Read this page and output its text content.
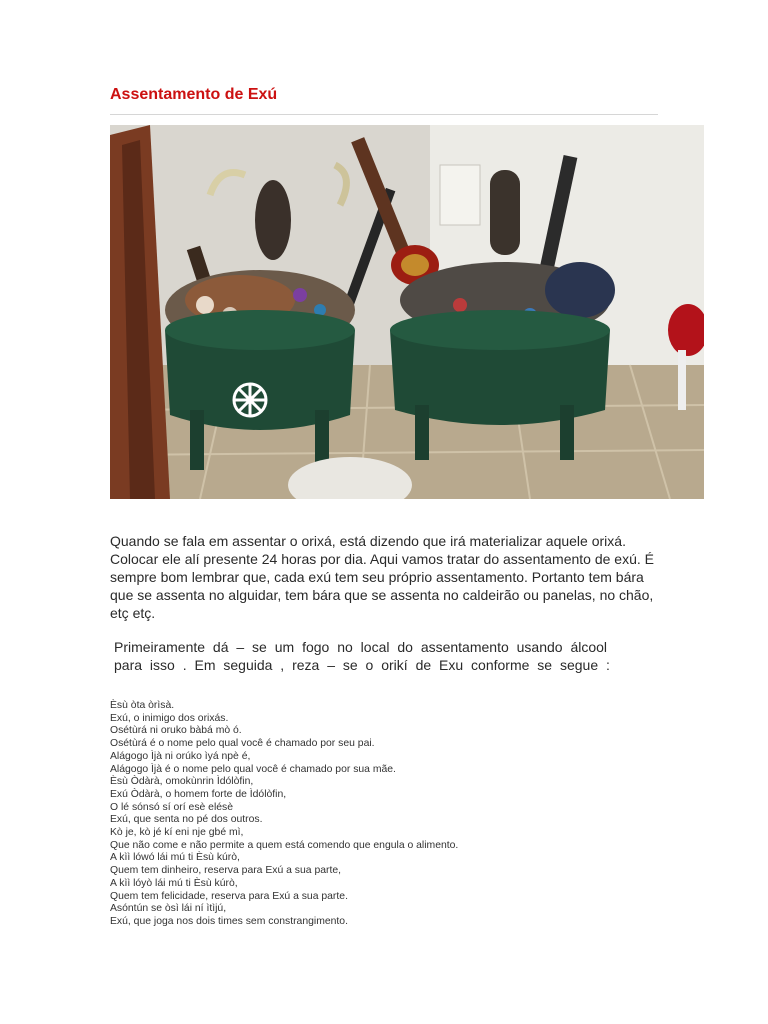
Assentamento de Exú

Quando se fala em assentar o orixá, está dizendo que irá materializar aquele orixá. Colocar ele alí presente 24 horas por dia. Aqui vamos tratar do assentamento de exú. É sempre bom lembrar que, cada exú tem seu próprio assentamento. Portanto tem bára que se assenta no alguidar, tem bára que se assenta no caldeirão ou panelas, no chão, etç etç.

Primeiramente dá – se um fogo no local do assentamento usando álcool para isso . Em seguida , reza – se o orikí de Exu conforme se segue :

Èsù òta òrìsà.
Exú, o inimigo dos orixás.
Osétùrá ni oruko bàbá mò ó.
Osétùrá é o nome pelo qual você é chamado por seu pai.
Alágogo Ìjà ni orúko ìyá npè é,
Alágogo Ìjà é o nome pelo qual você é chamado por sua mãe.
Èsù Òdàrà, omokùnrin Ìdólòfin,
Exú Òdàrà, o homem forte de Ìdólòfin,
O lé sónsó sí orí esè elésè
Exú, que senta no pé dos outros.
Kò je, kò jé kí eni nje gbé mì,
Que não come e não permite a quem está comendo que engula o alimento.
A kìì lówó lái mú ti Èsù kúrò,
Quem tem dinheiro, reserva para Exú a sua parte,
A kìì lóyò lái mú ti Èsù kúrò,
Quem tem felicidade, reserva para Exú a sua parte.
Asóntún se òsì lái ní ìtìjú,
Exú, que joga nos dois times sem constrangimento.
